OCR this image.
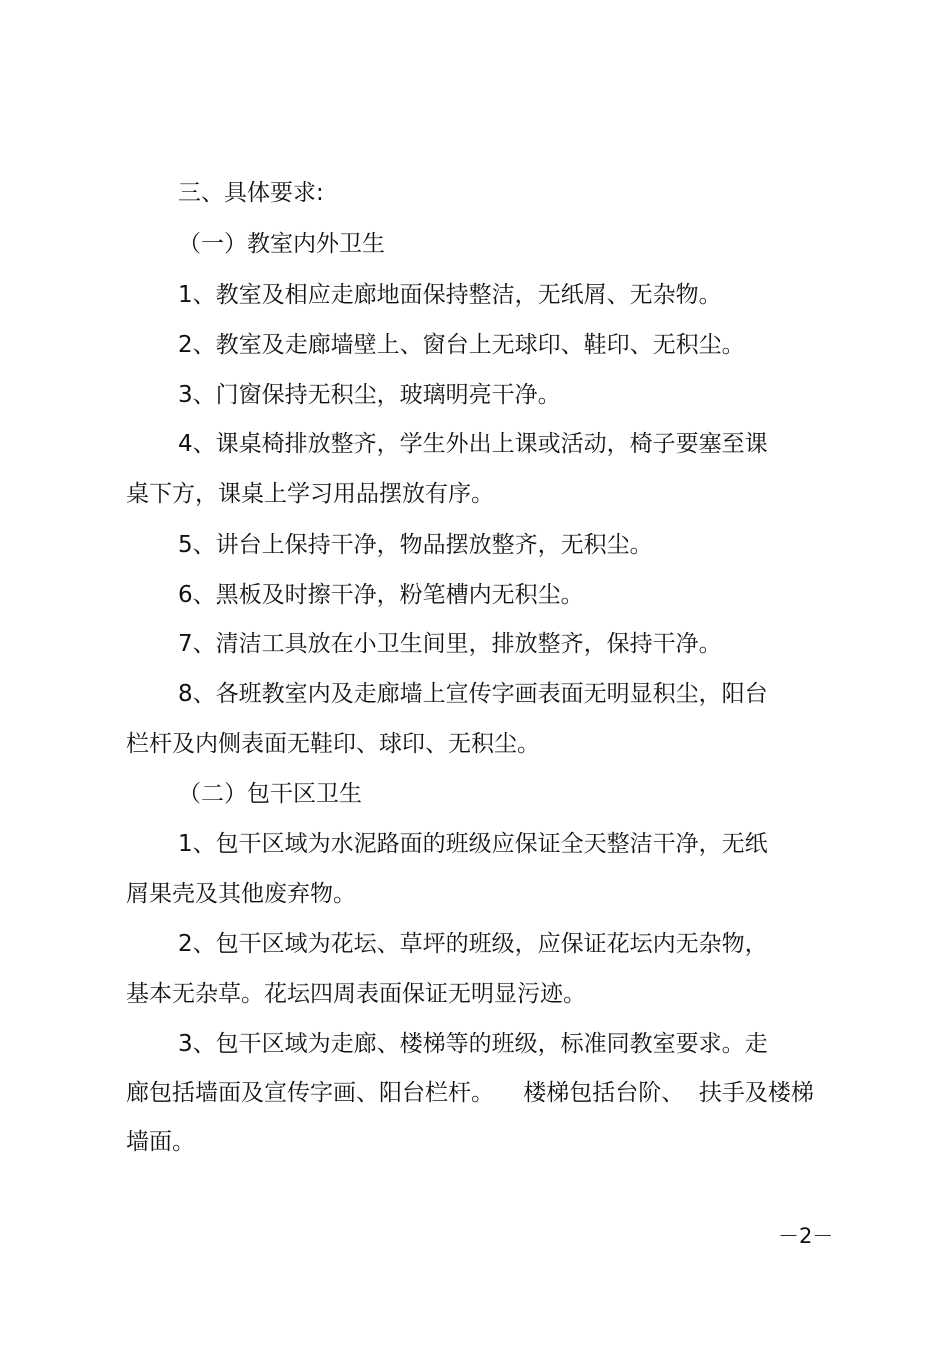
三、具体要求:

（一）教室内外卫生

1、教室及相应走廊地面保持整洁，无纸屑、无杂物。

2、教室及走廊墙壁上、窗台上无球印、鞋印、无积尘。

3、门窗保持无积尘，玻璃明亮干净。

4、课桌椅排放整齐，学生外出上课或活动，椅子要塞至课

桌下方，课桌上学习用品摆放有序。

5、讲台上保持干净，物品摆放整齐，无积尘。

6、黑板及时擦干净，粉笔槽内无积尘。

7、清洁工具放在小卫生间里，排放整齐，保持干净。

8、各班教室内及走廊墙上宣传字画表面无明显积尘，阳台

栏杆及内侧表面无鞋印、球印、无积尘。

（二）包干区卫生

1、包干区域为水泥路面的班级应保证全天整洁干净，无纸

屑果壳及其他废弃物。

2、包干区域为花坛、草坪的班级，应保证花坛内无杂物，

基本无杂草。花坛四周表面保证无明显污迹。

3、包干区域为走廊、楼梯等的班级，标准同教室要求。走

廊包括墙面及宣传字画、阳台栏杆。    楼梯包括台阶、  扶手及楼梯

墙面。

－2－
